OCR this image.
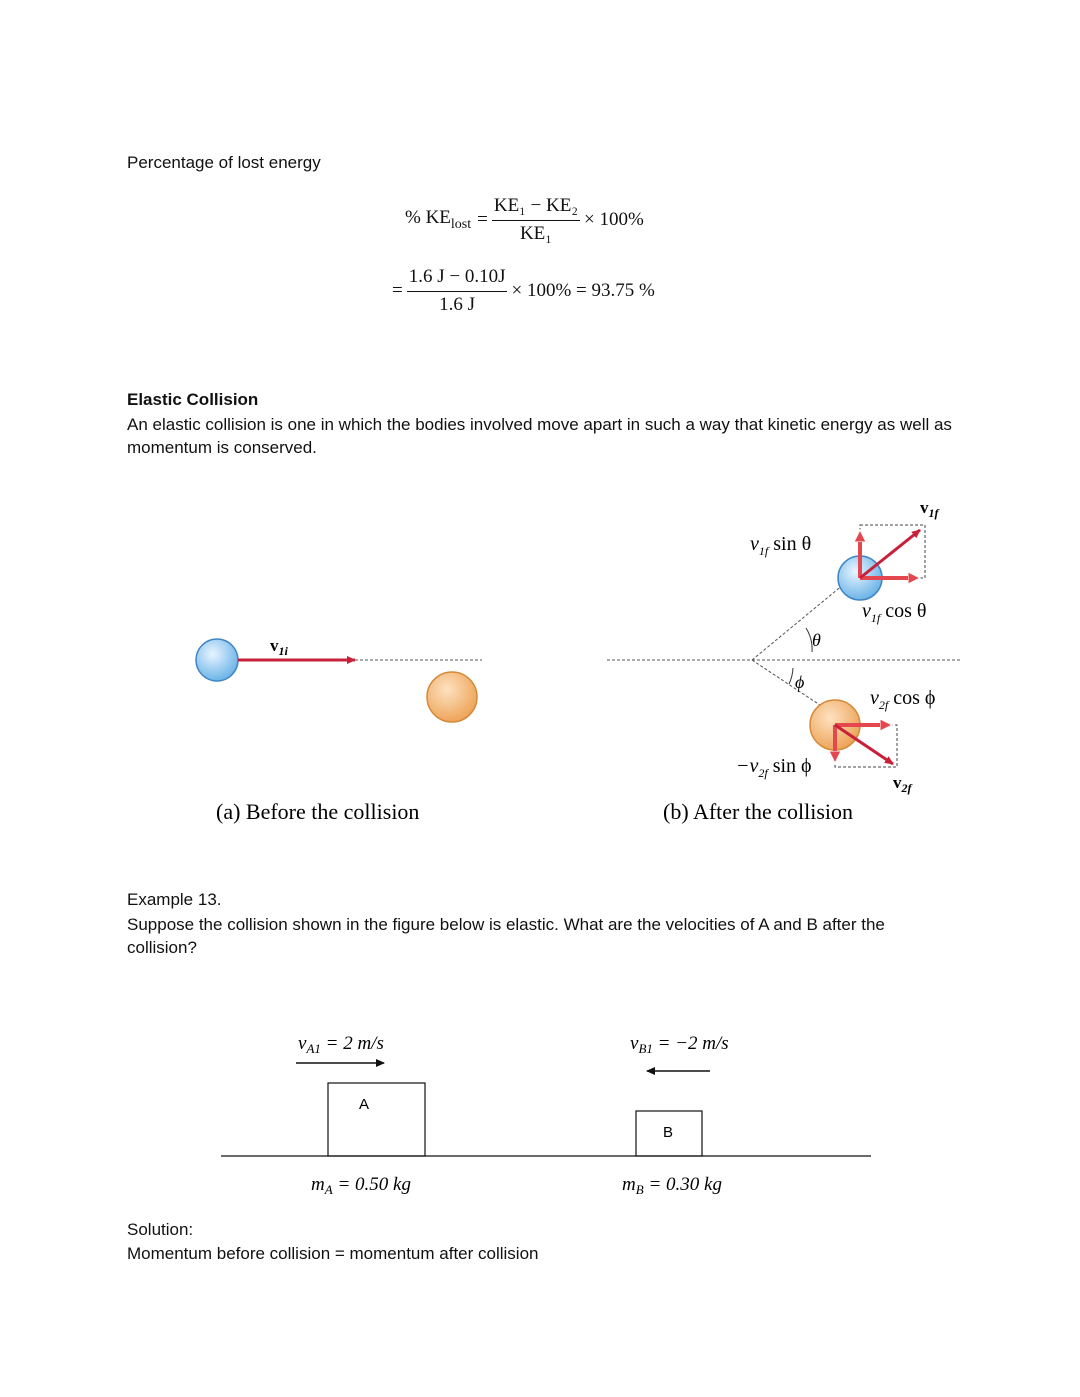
Percentage of lost energy
% $KE_{lost} = \frac{\text{KE₁ − KE₂}}{\text{KE₁}} \times 100\%$
= $\frac{1.6 J - 0.10J}{1.6 J} \times 100\% = 93.75$ %
Elastic Collision
An elastic collision is one in which the bodies involved move apart in such a way that kinetic energy as well as momentum is conserved.
$v_{1i}$
(a) Before the collision
θ
ϕ
$v_{1f}$
$v_{1f}$ sin θ
$v_{1f}$ cos θ
$v_{2f}$ cos ϕ
$-v_{2f}$ sin ϕ
$v_{2f}$
(b) After the collision
Example 13.
Suppose the collision shown in the figure below is elastic. What are the velocities of A and B after the collision?
$v_{A1} = 2$ m/s	$v_{B1} = -2$ m/s
A
B
$m_A = 0.50$ kg	$m_B = 0.30$ kg
Solution:
Momentum before collision = momentum after collision
